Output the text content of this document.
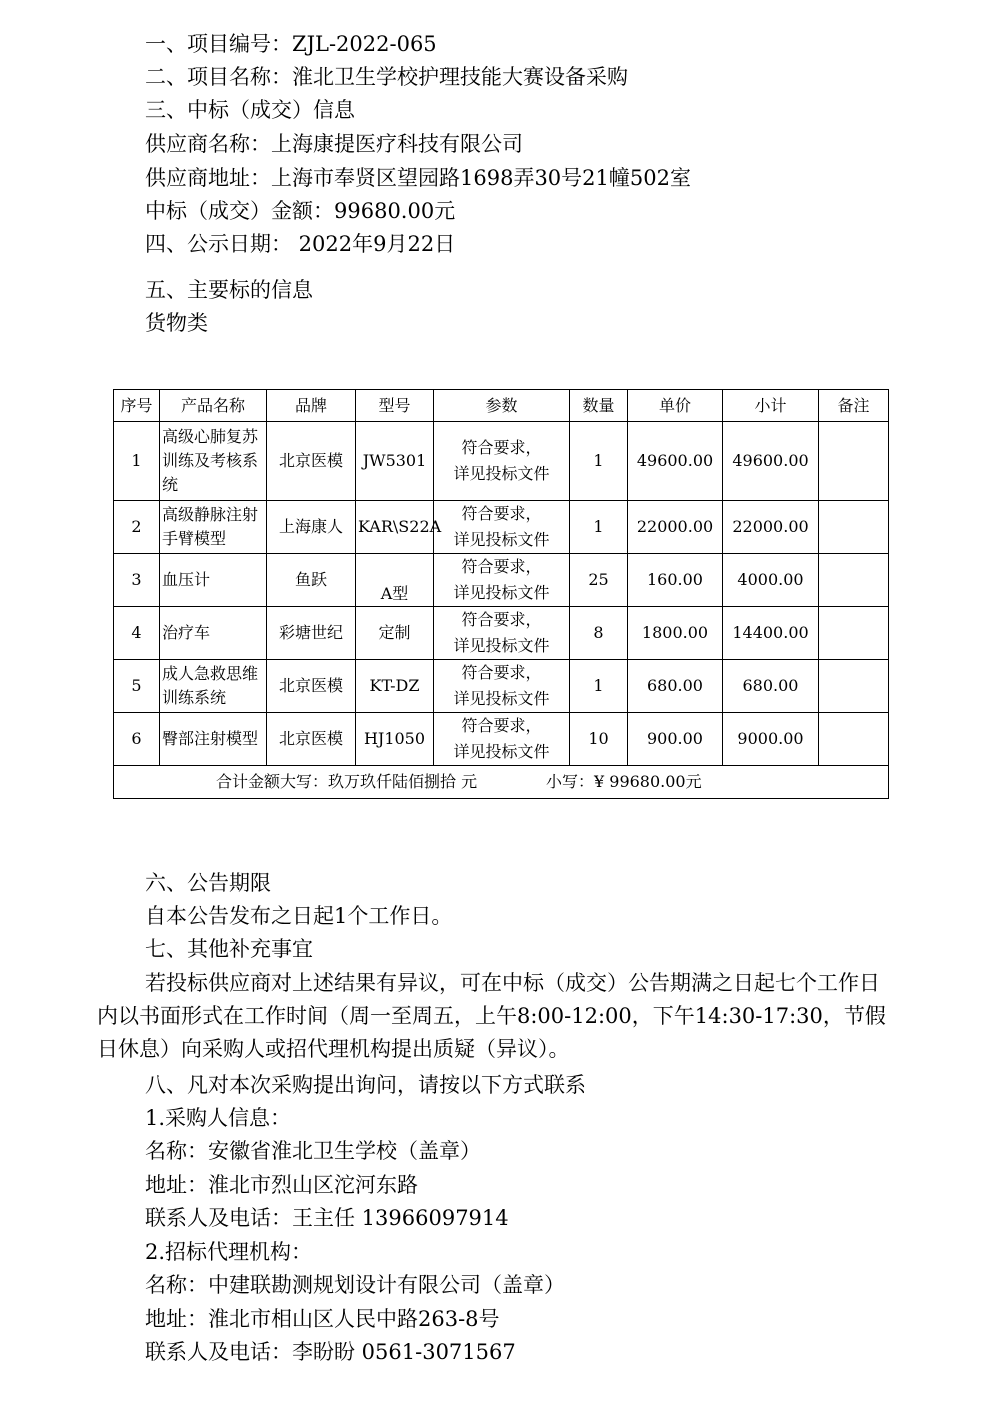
一、项目编号：ZJL-2022-065
二、项目名称：淮北卫生学校护理技能大赛设备采购
三、中标（成交）信息
供应商名称：上海康提医疗科技有限公司
供应商地址：上海市奉贤区望园路1698弄30号21幢502室
中标（成交）金额：99680.00元
四、公示日期： 2022年9月22日
五、主要标的信息
货物类
序号	产品名称	品牌	型号	参数	数量	单价	小计	备注
1	高级心肺复苏训练及考核系统	北京医模	JW5301	符合要求，
详见投标文件	1	49600.00	49600.00	
2	高级静脉注射手臂模型	上海康人	KAR\S22A	符合要求，
详见投标文件	1	22000.00	22000.00	
3	血压计	鱼跃	A型	符合要求，
详见投标文件	25	160.00	4000.00	
4	治疗车	彩塘世纪	定制	符合要求，
详见投标文件	8	1800.00	14400.00	
5	成人急救思维训练系统	北京医模	KT-DZ	符合要求，
详见投标文件	1	680.00	680.00	
6	臀部注射模型	北京医模	HJ1050	符合要求，
详见投标文件	10	900.00	9000.00	
合计金额大写：玖万玖仟陆佰捌拾 元 小写：¥ 99680.00元								
六、公告期限
自本公告发布之日起1个工作日。
七、其他补充事宜
若投标供应商对上述结果有异议，可在中标（成交）公告期满之日起七个工作日内以书面形式在工作时间（周一至周五，上午8:00-12:00，下午14:30-17:30，节假日休息）向采购人或招代理机构提出质疑（异议）。
八、凡对本次采购提出询问，请按以下方式联系
1.采购人信息：
名称：安徽省淮北卫生学校（盖章）
地址：淮北市烈山区沱河东路
联系人及电话：王主任 13966097914
2.招标代理机构：
名称：中建联勘测规划设计有限公司（盖章）
地址：淮北市相山区人民中路263-8号
联系人及电话：李盼盼 0561-3071567
